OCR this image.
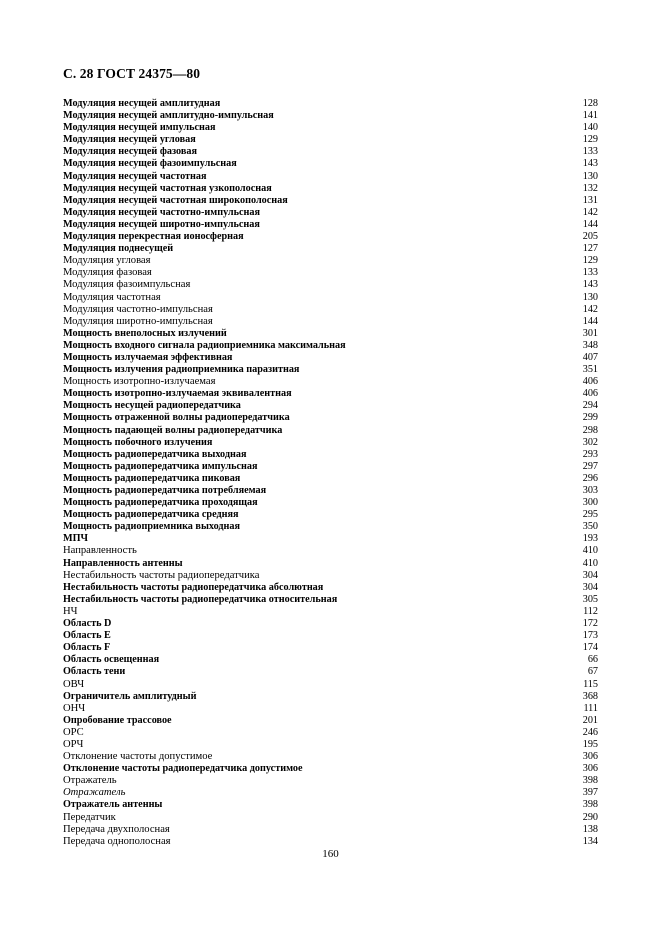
С. 28 ГОСТ 24375—80
Модуляция несущей амплитудная	128
Модуляция несущей амплитудно-импульсная	141
Модуляция несущей импульсная	140
Модуляция несущей угловая	129
Модуляция несущей фазовая	133
Модуляция несущей фазоимпульсная	143
Модуляция несущей частотная	130
Модуляция несущей частотная узкополосная	132
Модуляция несущей частотная широкополосная	131
Модуляция несущей частотно-импульсная	142
Модуляция несущей широтно-импульсная	144
Модуляция перекрестная ионосферная	205
Модуляция поднесущей	127
Модуляция угловая	129
Модуляция фазовая	133
Модуляция фазоимпульсная	143
Модуляция частотная	130
Модуляция частотно-импульсная	142
Модуляция широтно-импульсная	144
Мощность внеполосных излучений	301
Мощность входного сигнала радиоприемника максимальная	348
Мощность излучаемая эффективная	407
Мощность излучения радиоприемника паразитная	351
Мощность изотропно-излучаемая	406
Мощность изотропно-излучаемая эквивалентная	406
Мощность несущей радиопередатчика	294
Мощность отраженной волны радиопередатчика	299
Мощность падающей волны радиопередатчика	298
Мощность побочного излучения	302
Мощность радиопередатчика выходная	293
Мощность радиопередатчика импульсная	297
Мощность радиопередатчика пиковая	296
Мощность радиопередатчика потребляемая	303
Мощность радиопередатчика проходящая	300
Мощность радиопередатчика средняя	295
Мощность радиоприемника выходная	350
МПЧ	193
Направленность	410
Направленность антенны	410
Нестабильность частоты радиопередатчика	304
Нестабильность частоты радиопередатчика абсолютная	304
Нестабильность частоты радиопередатчика относительная	305
НЧ	112
Область D	172
Область E	173
Область F	174
Область освещенная	66
Область тени	67
ОВЧ	115
Ограничитель амплитудный	368
ОНЧ	111
Опробование трассовое	201
ОРС	246
ОРЧ	195
Отклонение частоты допустимое	306
Отклонение частоты радиопередатчика допустимое	306
Отражатель	398
Отражатель	397
Отражатель антенны	398
Передатчик	290
Передача двухполосная	138
Передача однополосная	134
160
